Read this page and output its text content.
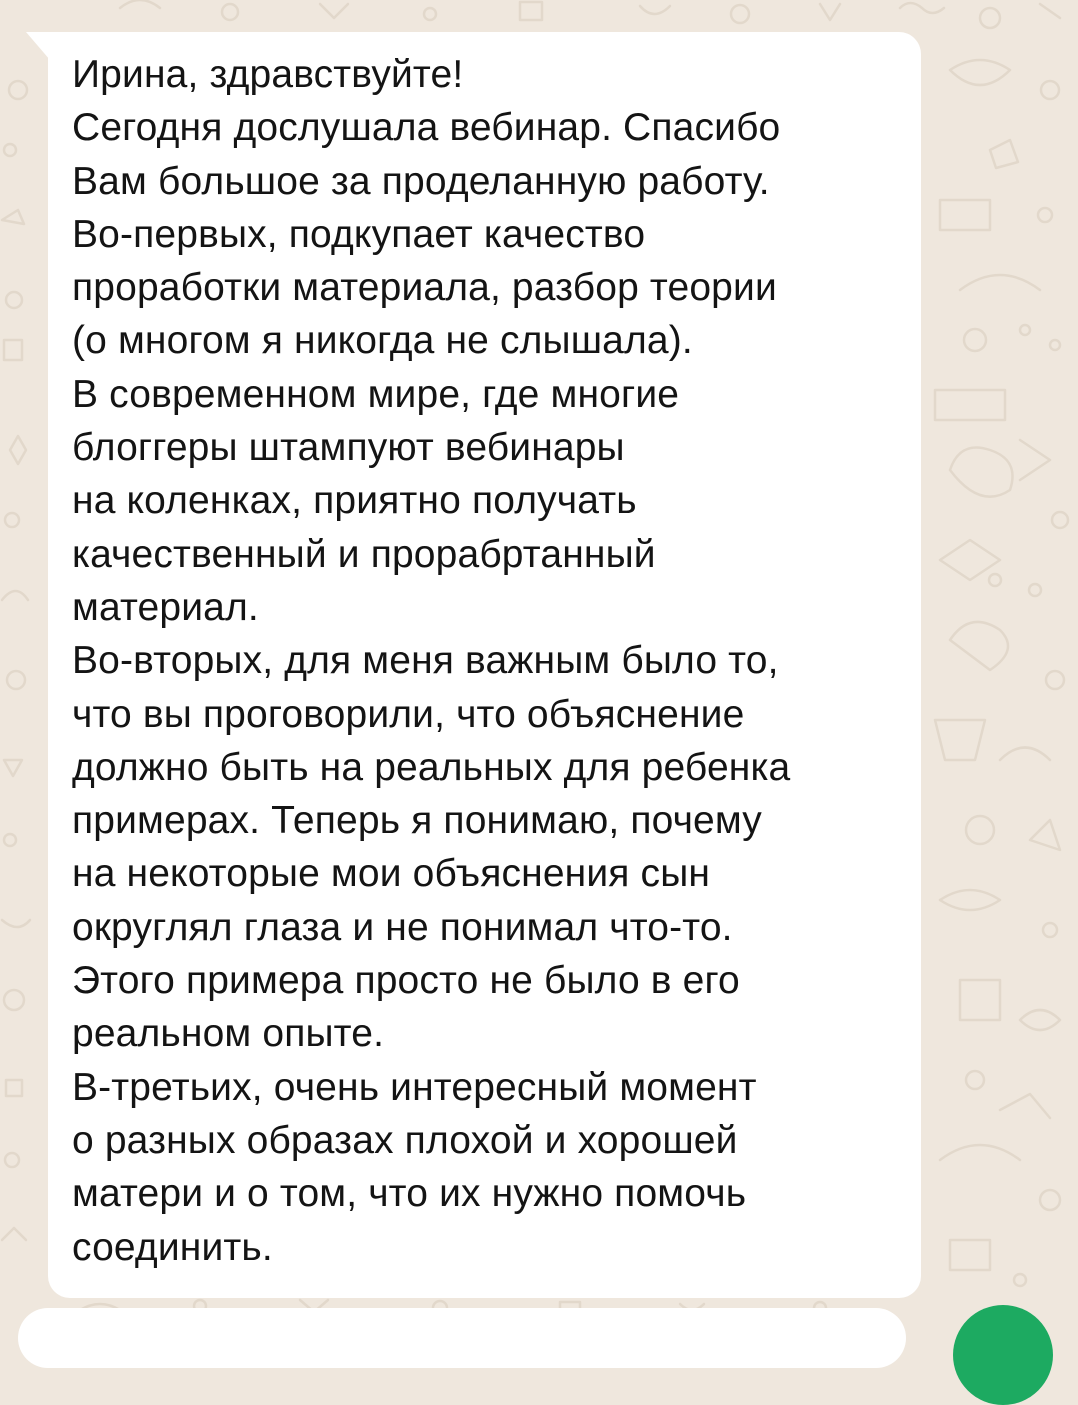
Ирина, здравствуйте!
Сегодня дослушала вебинар. Спасибо
Вам большое за проделанную работу.
Во-первых, подкупает качество
проработки материала, разбор теории
(о многом я никогда не слышала).
В современном мире, где многие
блоггеры штампуют вебинары
на коленках, приятно получать
качественный и прорабртанный
материал.
Во-вторых, для меня важным было то,
что вы проговорили, что объяснение
должно быть на реальных для ребенка
примерах. Теперь я понимаю, почему
на некоторые мои объяснения сын
округлял глаза и не понимал что-то.
Этого примера просто не было в его
реальном опыте.
В-третьих, очень интересный момент
о разных образах плохой и хорошей
матери и о том, что их нужно помочь
соединить.
